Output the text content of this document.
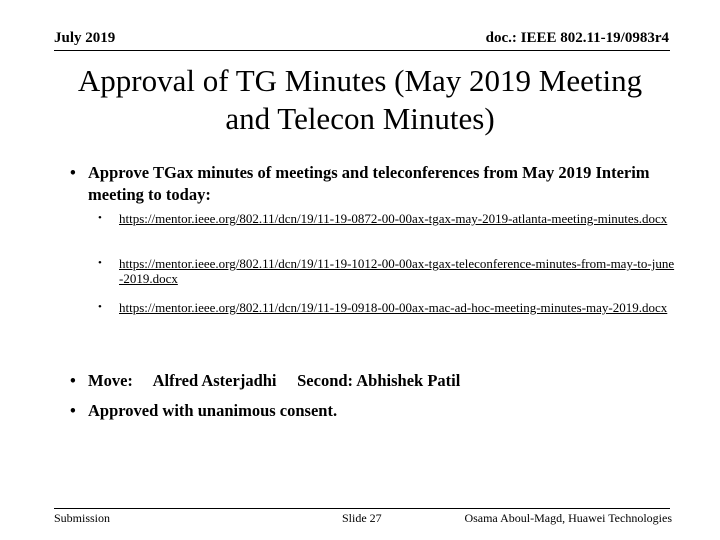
July 2019	doc.: IEEE 802.11-19/0983r4
Approval of TG Minutes (May 2019 Meeting and Telecon Minutes)
• Approve TGax minutes of meetings and teleconferences from May 2019 Interim meeting to today:
• https://mentor.ieee.org/802.11/dcn/19/11-19-0872-00-00ax-tgax-may-2019-atlanta-meeting-minutes.docx
• https://mentor.ieee.org/802.11/dcn/19/11-19-1012-00-00ax-tgax-teleconference-minutes-from-may-to-june-2019.docx
• https://mentor.ieee.org/802.11/dcn/19/11-19-0918-00-00ax-mac-ad-hoc-meeting-minutes-may-2019.docx
• Move:     Alfred Asterjadhi     Second: Abhishek Patil
• Approved with unanimous consent.
Submission	Slide 27	Osama Aboul-Magd, Huawei Technologies
